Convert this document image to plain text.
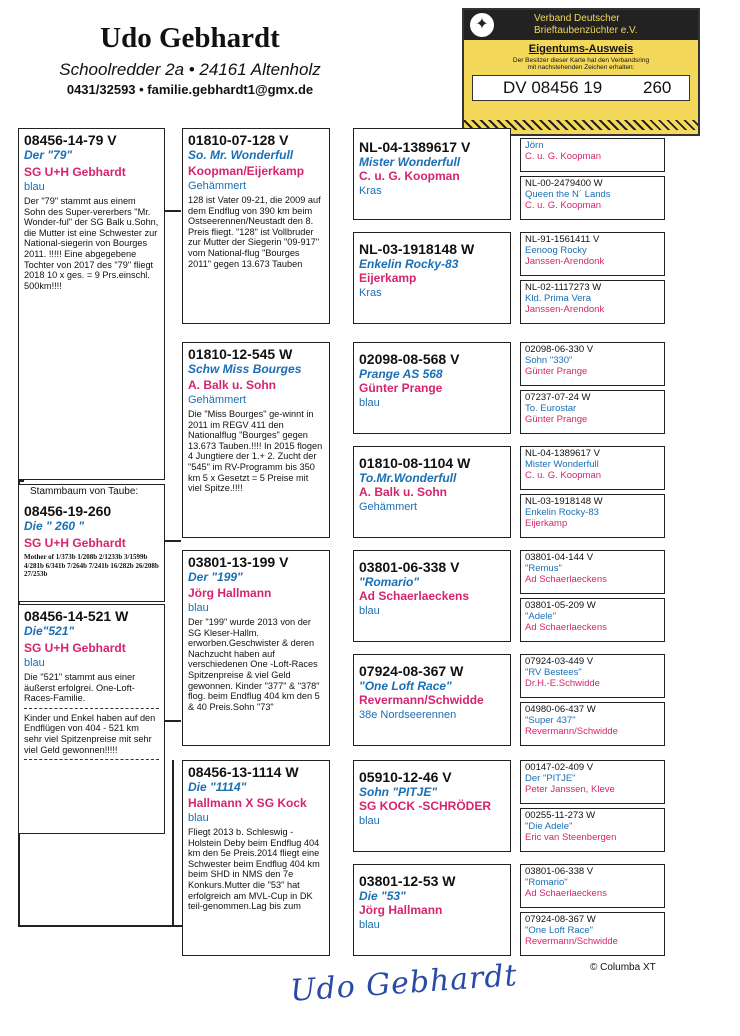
Udo Gebhardt
Schoolredder 2a • 24161 Altenholz
0431/32593 • familie.gebhardt1@gmx.de
✦	Verband Deutscher
Brieftaubenzüchter e.V.
Eigentums-Ausweis
Der Besitzer dieser Karte hat den Verbandsring
mit nachstehenden Zeichen erhalten:
DV 08456 19 260
08456-14-79 V
Der "79"
SG U+H Gebhardt
blau
Der "79" stammt aus einem Sohn des Super-vererbers "Mr. Wonder-ful" der SG Balk u.Sohn, die Mutter ist eine Schwester zur National-siegerin von Bourges 2011. !!!!! Eine abgegebene Tochter von 2017 des "79" fliegt 2018 10 x ges. = 9 Prs.einschl. 500km!!!!
Stammbaum von Taube:
08456-19-260
Die " 260 "
SG U+H Gebhardt
Mother of 1/373b 1/208b 2/1233b 3/1599b 4/281b 6/341b 7/264b 7/241b 16/282b 26/208b 27/253b
08456-14-521 W
Die"521"
SG U+H Gebhardt
blau
Die "521" stammt aus einer äußerst erfolgrei. One-Loft-Races-Familie.
Kinder und Enkel haben auf den Endflügen von 404 - 521 km sehr viel Spitzenpreise mit sehr viel Geld gewonnen!!!!!
01810-07-128 V
So. Mr. Wonderfull
Koopman/Eijerkamp
Gehämmert
128 ist Vater 09-21, die 2009 auf dem Endflug von 390 km beim Ostseerennen/Neustadt den 8. Preis fliegt. "128" ist Vollbruder zur Mutter der Siegerin "09-917" vom National-flug "Bourges 2011" gegen 13.673 Tauben
01810-12-545 W
Schw Miss Bourges
A. Balk u. Sohn
Gehämmert
Die "Miss Bourges" ge-winnt in 2011 im REGV 411 den Nationalflug "Bourges" gegen 13.673 Tauben.!!!! In 2015 flogen 4 Jungtiere der 1.+ 2. Zucht der "545" im RV-Programm bis 350 km 5 x Gesetzt = 5 Preise mit viel Spitze.!!!!
03801-13-199 V
Der "199"
Jörg Hallmann
blau
Der "199" wurde 2013 von der SG Kleser-Hallm. erworben.Geschwister & deren Nachzucht haben auf verschiedenen One -Loft-Races Spitzenpreise & viel Geld gewonnen. Kinder "377" & "378" flog. beim Endflug 404 km den 5 & 40 Preis.Sohn "73"
08456-13-1114 W
Die "1114"
Hallmann X SG Kock
blau
Fliegt 2013 b. Schleswig - Holstein Deby beim Endflug 404 km den 5e Preis.2014 fliegt eine Schwester beim Endflug 404 km beim SHD in NMS den 7e Konkurs.Mutter die "53" hat erfolgreich am MVL-Cup in DK teil-genommen.Lag bis zum
NL-04-1389617 V
Mister Wonderfull
C. u. G. Koopman
Kras
NL-03-1918148 W
Enkelin Rocky-83
Eijerkamp
Kras
02098-08-568 V
Prange AS 568
Günter Prange
blau
01810-08-1104 W
To.Mr.Wonderfull
A. Balk u. Sohn
Gehämmert
03801-06-338 V
"Romario"
Ad Schaerlaeckens
blau
07924-08-367 W
"One Loft Race"
Revermann/Schwidde
38e Nordseerennen
05910-12-46 V
Sohn "PITJE"
SG KOCK -SCHRÖDER
blau
03801-12-53 W
Die "53"
Jörg Hallmann
blau
Jörn
C. u. G. Koopman
NL-00-2479400 W
Queen the N´ Lands
C. u. G. Koopman
NL-91-1561411 V
Eenoog Rocky
Janssen-Arendonk
NL-02-1117273 W
Kld. Prima Vera
Janssen-Arendonk
02098-06-330 V
Sohn "330"
Günter Prange
07237-07-24 W
To. Eurostar
Günter Prange
NL-04-1389617 V
Mister Wonderfull
C. u. G. Koopman
NL-03-1918148 W
Enkelin Rocky-83
Eijerkamp
03801-04-144 V
"Remus"
Ad Schaerlaeckens
03801-05-209 W
"Adele"
Ad Schaerlaeckens
07924-03-449 V
"RV Bestees"
Dr.H.-E.Schwidde
04980-06-437 W
"Super 437"
Revermann/Schwidde
00147-02-409 V
Der "PITJE"
Peter Janssen, Kleve
00255-11-273 W
"Die Adele"
Eric van Steenbergen
03801-06-338 V
"Romario"
Ad Schaerlaeckens
07924-08-367 W
"One Loft Race"
Revermann/Schwidde
© Columba XT
Udo Gebhardt
